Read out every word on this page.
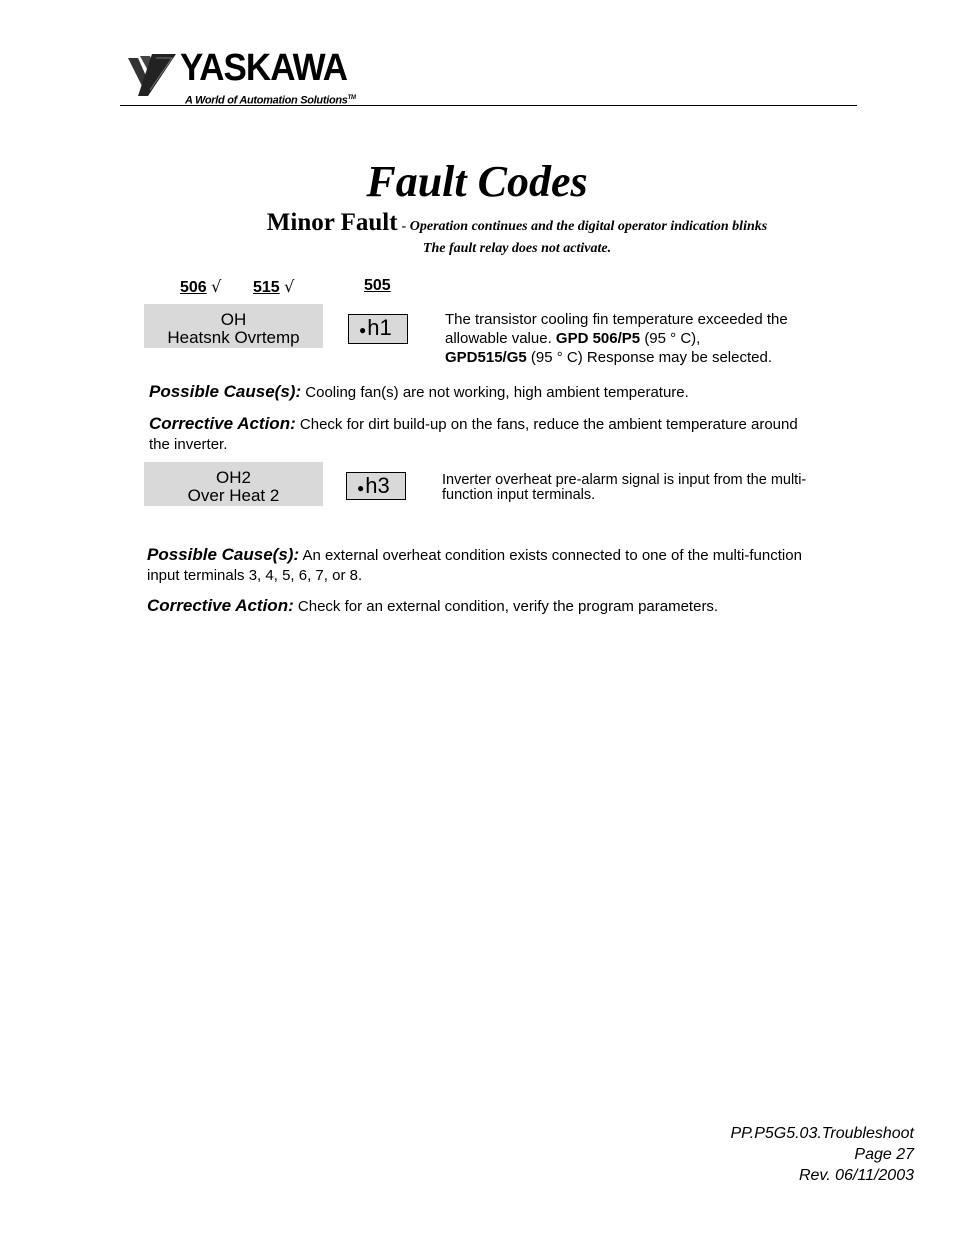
YASKAWA
A World of Automation Solutions™
Fault Codes
Minor Fault - Operation continues and the digital operator indication blinks
The fault relay does not activate.
506 √ 515 √	505
OH
Heatsnk Ovrtemp	●h1	The transistor cooling fin temperature exceeded the allowable value. GPD 506/P5 (95 ° C),
GPD515/G5 (95 ° C) Response may be selected.
Possible Cause(s): Cooling fan(s) are not working, high ambient temperature.
Corrective Action: Check for dirt build-up on the fans, reduce the ambient temperature around the inverter.
OH2
Over Heat 2	●h3	Inverter overheat pre-alarm signal is input from the multi-function input terminals.
Possible Cause(s): An external overheat condition exists connected to one of the multi-function input terminals 3, 4, 5, 6, 7, or 8.
Corrective Action: Check for an external condition, verify the program parameters.
PP.P5G5.03.Troubleshoot
Page 27
Rev. 06/11/2003
